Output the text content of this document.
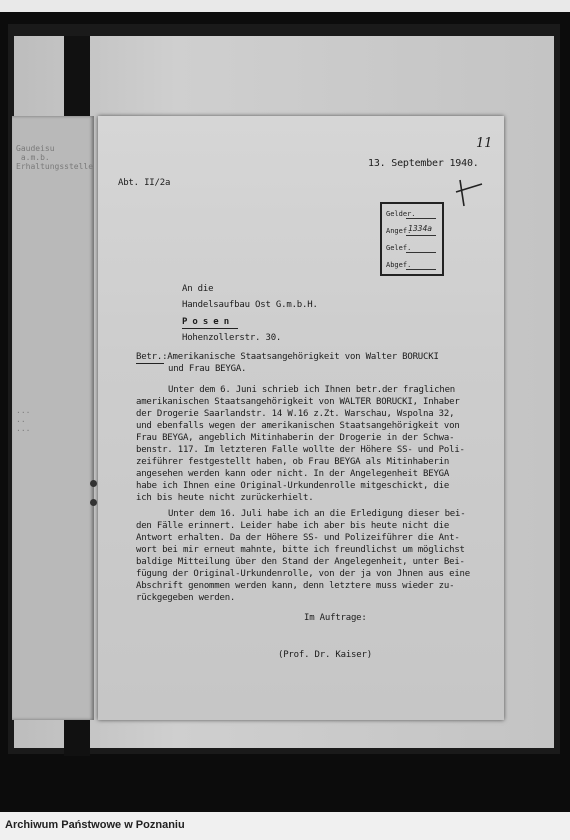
Gaudeisu
a.m.b.
Erhaltungsstelle
...
..
...
13. September 1940.
11
Abt. II/2a
Gelder.
Angef.
Gelef.
Abgef.
1334a
An die
Handelsaufbau Ost G.m.b.H.
P o s e n
Hohenzollerstr. 30.
Betr.:Amerikanische Staatsangehörigkeit von Walter BORUCKI
und Frau BEYGA.
Unter dem 6. Juni schrieb ich Ihnen betr.der fraglichen
amerikanischen Staatsangehörigkeit von WALTER BORUCKI, Inhaber
der Drogerie Saarlandstr. 14 W.16 z.Zt. Warschau, Wspolna 32,
und ebenfalls wegen der amerikanischen Staatsangehörigkeit von
Frau BEYGA, angeblich Mitinhaberin der Drogerie in der Schwa-
benstr. 117. Im letzteren Falle wollte der Höhere SS- und Poli-
zeiführer festgestellt haben, ob Frau BEYGA als Mitinhaberin
angesehen werden kann oder nicht. In der Angelegenheit BEYGA
habe ich Ihnen eine Original-Urkundenrolle mitgeschickt, die
ich bis heute nicht zurückerhielt.
Unter dem 16. Juli habe ich an die Erledigung dieser bei-
den Fälle erinnert. Leider habe ich aber bis heute nicht die
Antwort erhalten. Da der Höhere SS- und Polizeiführer die Ant-
wort bei mir erneut mahnte, bitte ich freundlichst um möglichst
baldige Mitteilung über den Stand der Angelegenheit, unter Bei-
fügung der Original-Urkundenrolle, von der ja von Jhnen aus eine
Abschrift genommen werden kann, denn letztere muss wieder zu-
rückgegeben werden.
Im Auftrage:
(Prof. Dr. Kaiser)
Archiwum Państwowe w Poznaniu
